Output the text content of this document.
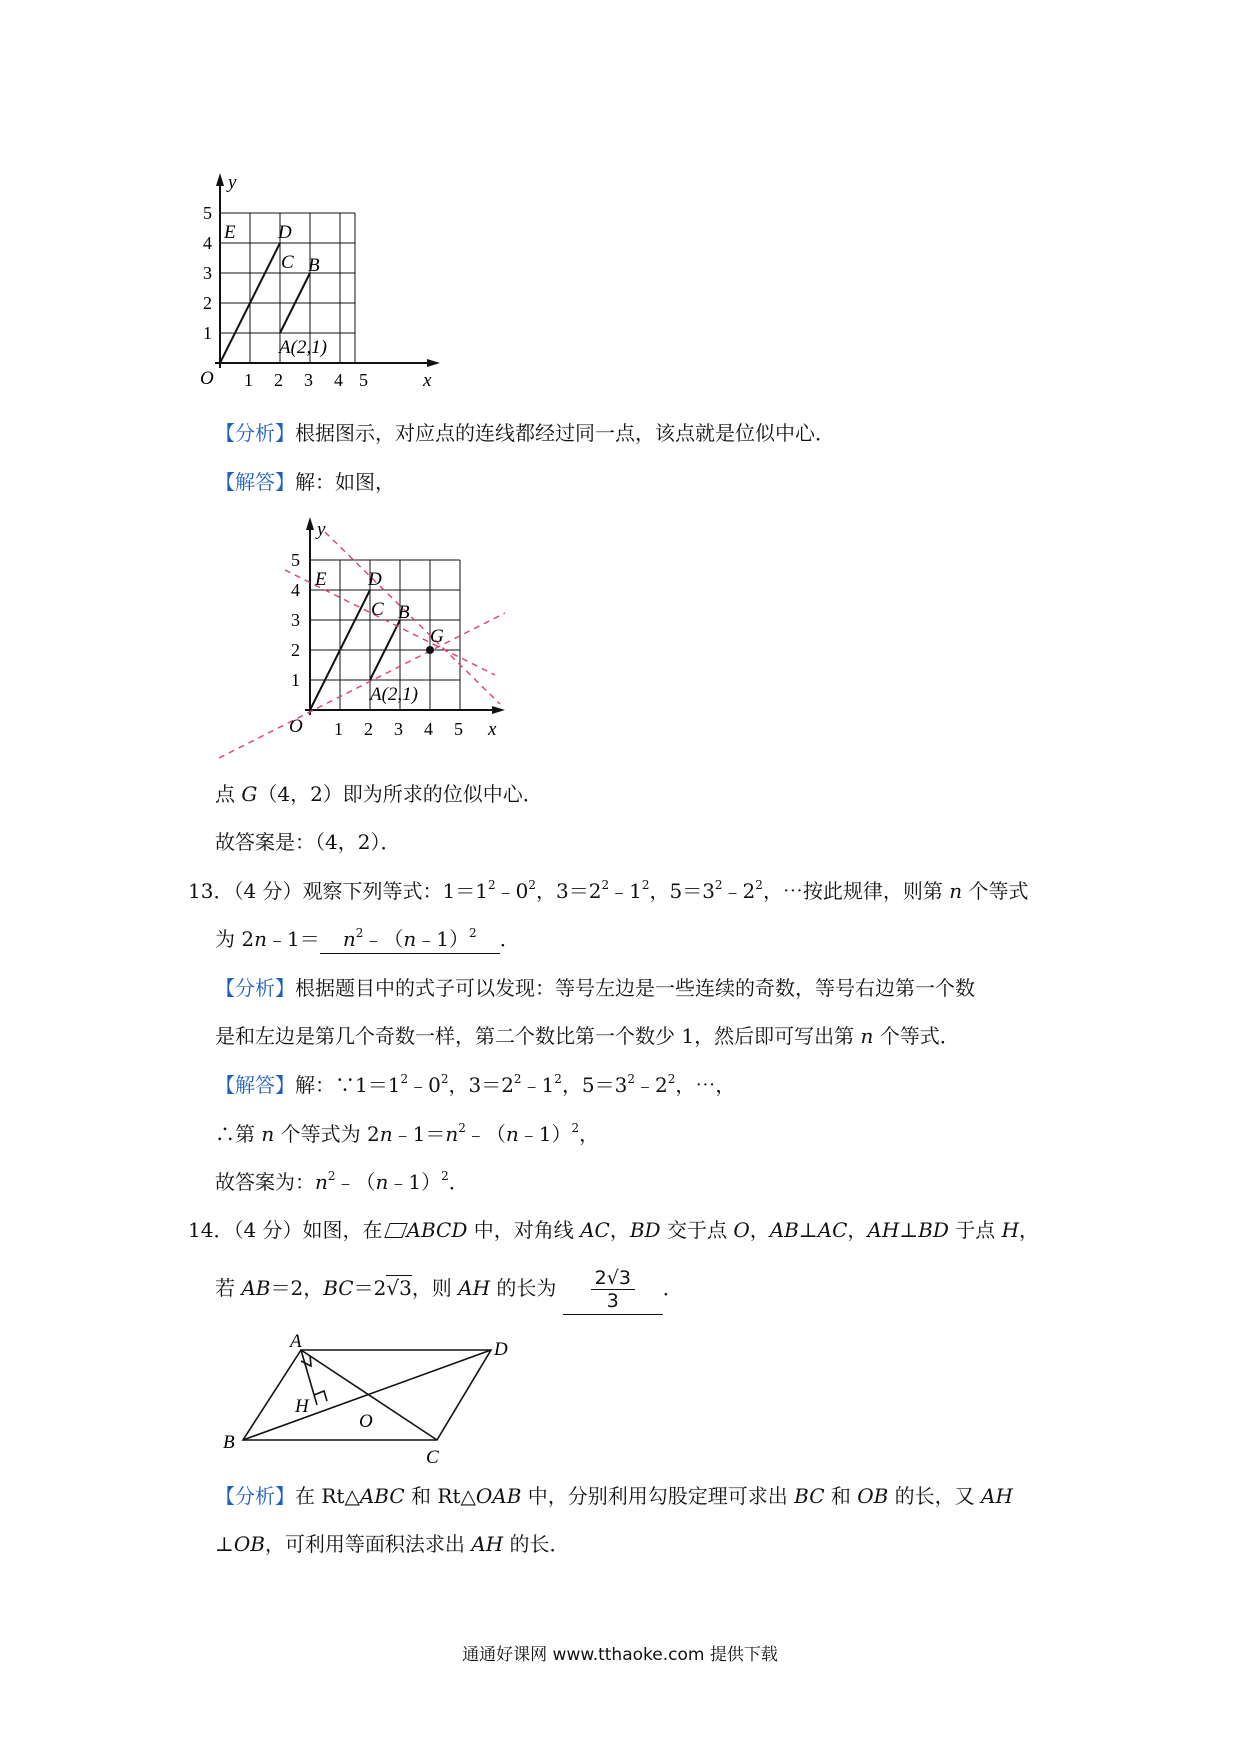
y
x
O 1 2 3 4 5
1
2
3
4
5
E D
C B
A(2,1)
【分析】根据图示，对应点的连线都经过同一点，该点就是位似中心．
【解答】解：如图，
y
x
O 1 2 3 4 5
1
2
3
4
5
E D
C B
G
A(2,1)
点 G（4，2）即为所求的位似中心．
故答案是：（4，2）．
13．（4 分）观察下列等式：$1=1^2﹣0^2$，$3=2^2﹣1^2$，$5=3^2﹣2^2$，⋯按此规律，则第 n 个等式
为 2n﹣1＝ $n^2﹣(n﹣1)^2$ ．
【分析】根据题目中的式子可以发现：等号左边是一些连续的奇数，等号右边第一个数
是和左边是第几个奇数一样，第二个数比第一个数少 1，然后即可写出第 n 个等式．
【解答】解：$\because 1=1^2﹣0^2$，$3=2^2﹣1^2$，$5=3^2﹣2^2$，⋯，
∴第 n 个等式为 $2n﹣1=n^2﹣(n﹣1)^2$，
故答案为：$n^2﹣(n﹣1)^2$．
14．（4 分）如图，在 ABCD 中，对角线 AC，BD 交于点 O，AB⊥AC，AH⊥BD 于点 H，
若 AB＝2，BC＝2√3，则 AH 的长为 $\frac{2√3}{3}$ ．
A
B
C
D
H
O
【分析】在 Rt△ABC 和 Rt△OAB 中，分别利用勾股定理可求出 BC 和 OB 的长，又 AH
⊥OB，可利用等面积法求出 AH 的长．
通通好课网 www.tthaoke.com 提供下载
